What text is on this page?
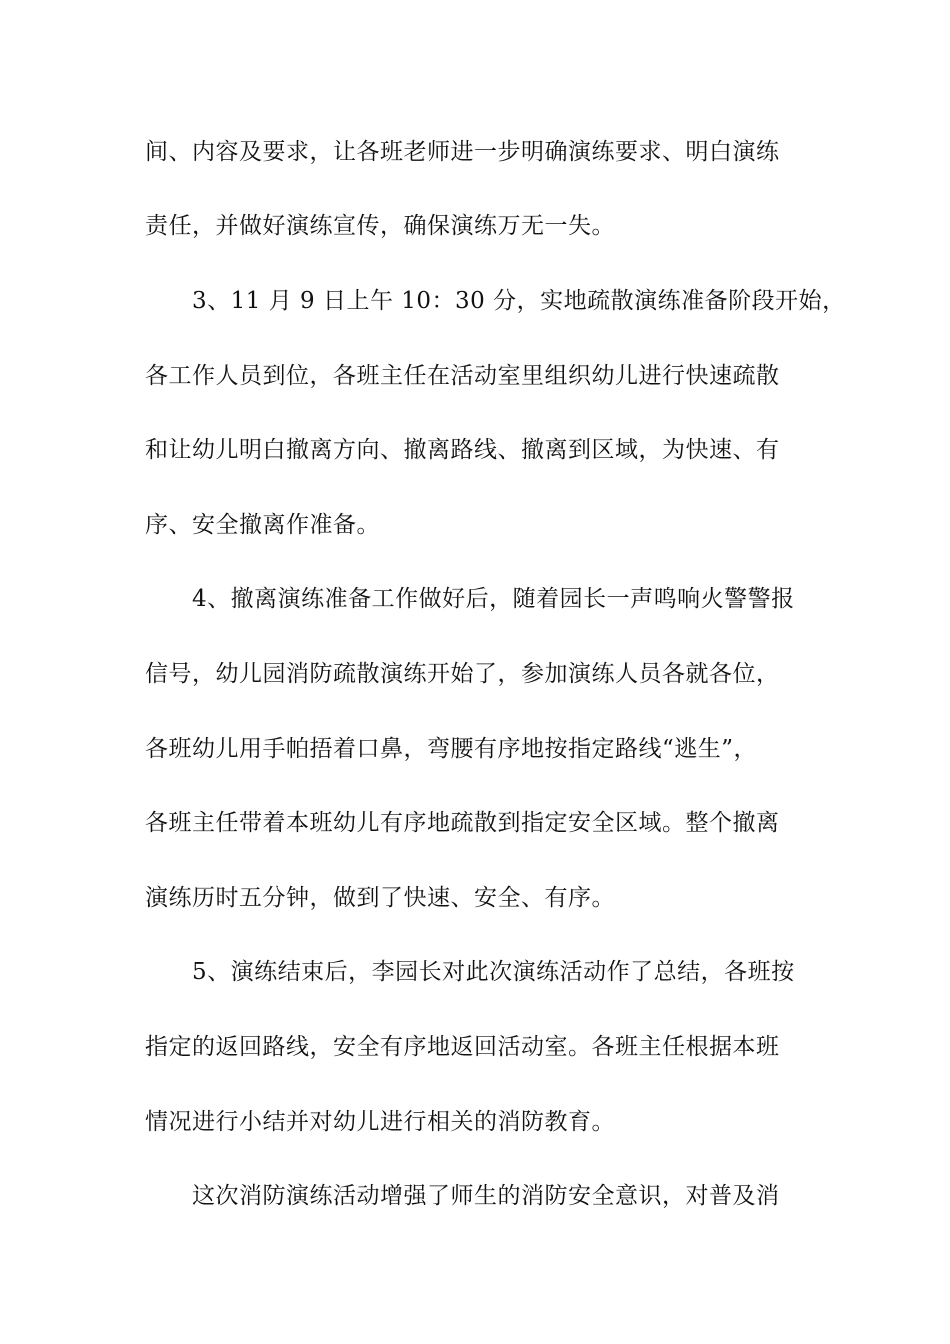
间、内容及要求，让各班老师进一步明确演练要求、明白演练
责任，并做好演练宣传，确保演练万无一失。
3、11 月 9 日上午 10：30 分，实地疏散演练准备阶段开始，
各工作人员到位，各班主任在活动室里组织幼儿进行快速疏散
和让幼儿明白撤离方向、撤离路线、撤离到区域，为快速、有
序、安全撤离作准备。
4、撤离演练准备工作做好后，随着园长一声鸣响火警警报
信号，幼儿园消防疏散演练开始了，参加演练人员各就各位，
各班幼儿用手帕捂着口鼻，弯腰有序地按指定路线“逃生”，
各班主任带着本班幼儿有序地疏散到指定安全区域。整个撤离
演练历时五分钟，做到了快速、安全、有序。
5、演练结束后，李园长对此次演练活动作了总结，各班按
指定的返回路线，安全有序地返回活动室。各班主任根据本班
情况进行小结并对幼儿进行相关的消防教育。
这次消防演练活动增强了师生的消防安全意识，对普及消
